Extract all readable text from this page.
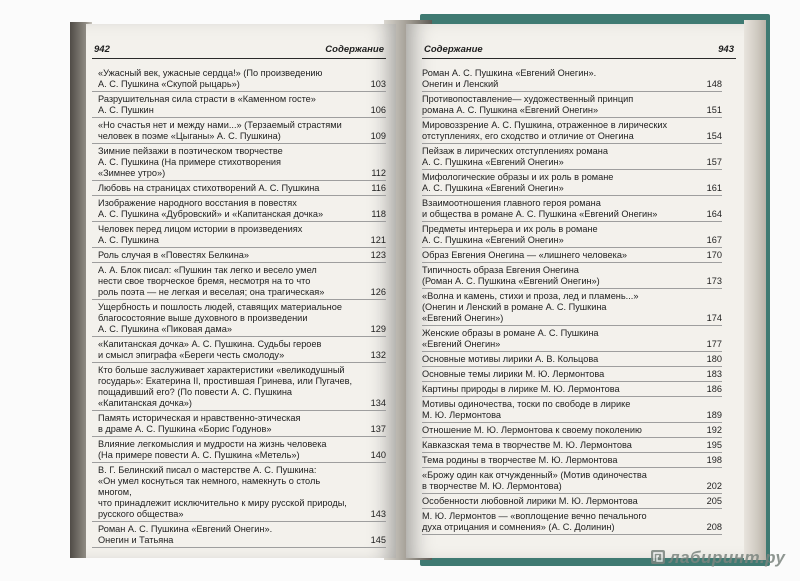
942	Содержание
«Ужасный век, ужасные сердца!» (По произведению
А. С. Пушкина «Скупой рыцарь»)	103
Разрушительная сила страсти в «Каменном госте»
А. С. Пушкин	106
«Но счастья нет и между нами...» (Терзаемый страстями
человек в поэме «Цыганы» А. С. Пушкина)	109
Зимние пейзажи в поэтическом творчестве
А. С. Пушкина (На примере стихотворения
«Зимнее утро»)	112
Любовь на страницах стихотворений А. С. Пушкина	116
Изображение народного восстания в повестях
А. С. Пушкина «Дубровский» и «Капитанская дочка»	118
Человек перед лицом истории в произведениях
А. С. Пушкина	121
Роль случая в «Повестях Белкина»	123
А. А. Блок писал: «Пушкин так легко и весело умел
нести свое творческое бремя, несмотря на то что
роль поэта — не легкая и веселая; она трагическая»	126
Ущербность и пошлость людей, ставящих материальное
благосостояние выше духовного в произведении
А. С. Пушкина «Пиковая дама»	129
«Капитанская дочка» А. С. Пушкина. Судьбы героев
и смысл эпиграфа «Береги честь смолоду»	132
Кто больше заслуживает характеристики «великодушный
государь»: Екатерина II, простившая Гринева, или Пугачев,
пощадивший его? (По повести А. С. Пушкина
«Капитанская дочка»)	134
Память историческая и нравственно-этическая
в драме А. С. Пушкина «Борис Годунов»	137
Влияние легкомыслия и мудрости на жизнь человека
(На примере повести А. С. Пушкина «Метель»)	140
В. Г. Белинский писал о мастерстве А. С. Пушкина:
«Он умел коснуться так немного, намекнуть о столь многом,
что принадлежит исключительно к миру русской природы,
русского общества»	143
Роман А. С. Пушкина «Евгений Онегин».
Онегин и Татьяна	145
Содержание	943
Роман А. С. Пушкина «Евгений Онегин».
Онегин и Ленский	148
Противопоставление— художественный принцип
романа А. С. Пушкина «Евгений Онегин»	151
Мировоззрение А. С. Пушкина, отраженное в лирических
отступлениях, его сходство и отличие от Онегина	154
Пейзаж в лирических отступлениях романа
А. С. Пушкина «Евгений Онегин»	157
Мифологические образы и их роль в романе
А. С. Пушкина «Евгений Онегин»	161
Взаимоотношения главного героя романа
и общества в романе А. С. Пушкина «Евгений Онегин»	164
Предметы интерьера и их роль в романе
А. С. Пушкина «Евгений Онегин»	167
Образ Евгения Онегина — «лишнего человека»	170
Типичность образа Евгения Онегина
(Роман А. С. Пушкина «Евгений Онегин»)	173
«Волна и камень, стихи и проза, лед и пламень...»
(Онегин и Ленский в романе А. С. Пушкина
«Евгений Онегин»)	174
Женские образы в романе А. С. Пушкина
«Евгений Онегин»	177
Основные мотивы лирики А. В. Кольцова	180
Основные темы лирики М. Ю. Лермонтова	183
Картины природы в лирике М. Ю. Лермонтова	186
Мотивы одиночества, тоски по свободе в лирике
М. Ю. Лермонтова	189
Отношение М. Ю. Лермонтова к своему поколению	192
Кавказская тема в творчестве М. Ю. Лермонтова	195
Тема родины в творчестве М. Ю. Лермонтова	198
«Брожу один как отчужденный» (Мотив одиночества
в творчестве М. Ю. Лермонтова)	202
Особенности любовной лирики М. Ю. Лермонтова	205
М. Ю. Лермонтов — «воплощение вечно печального
духа отрицания и сомнения» (А. С. Долинин)	208
лабиринт.ру
